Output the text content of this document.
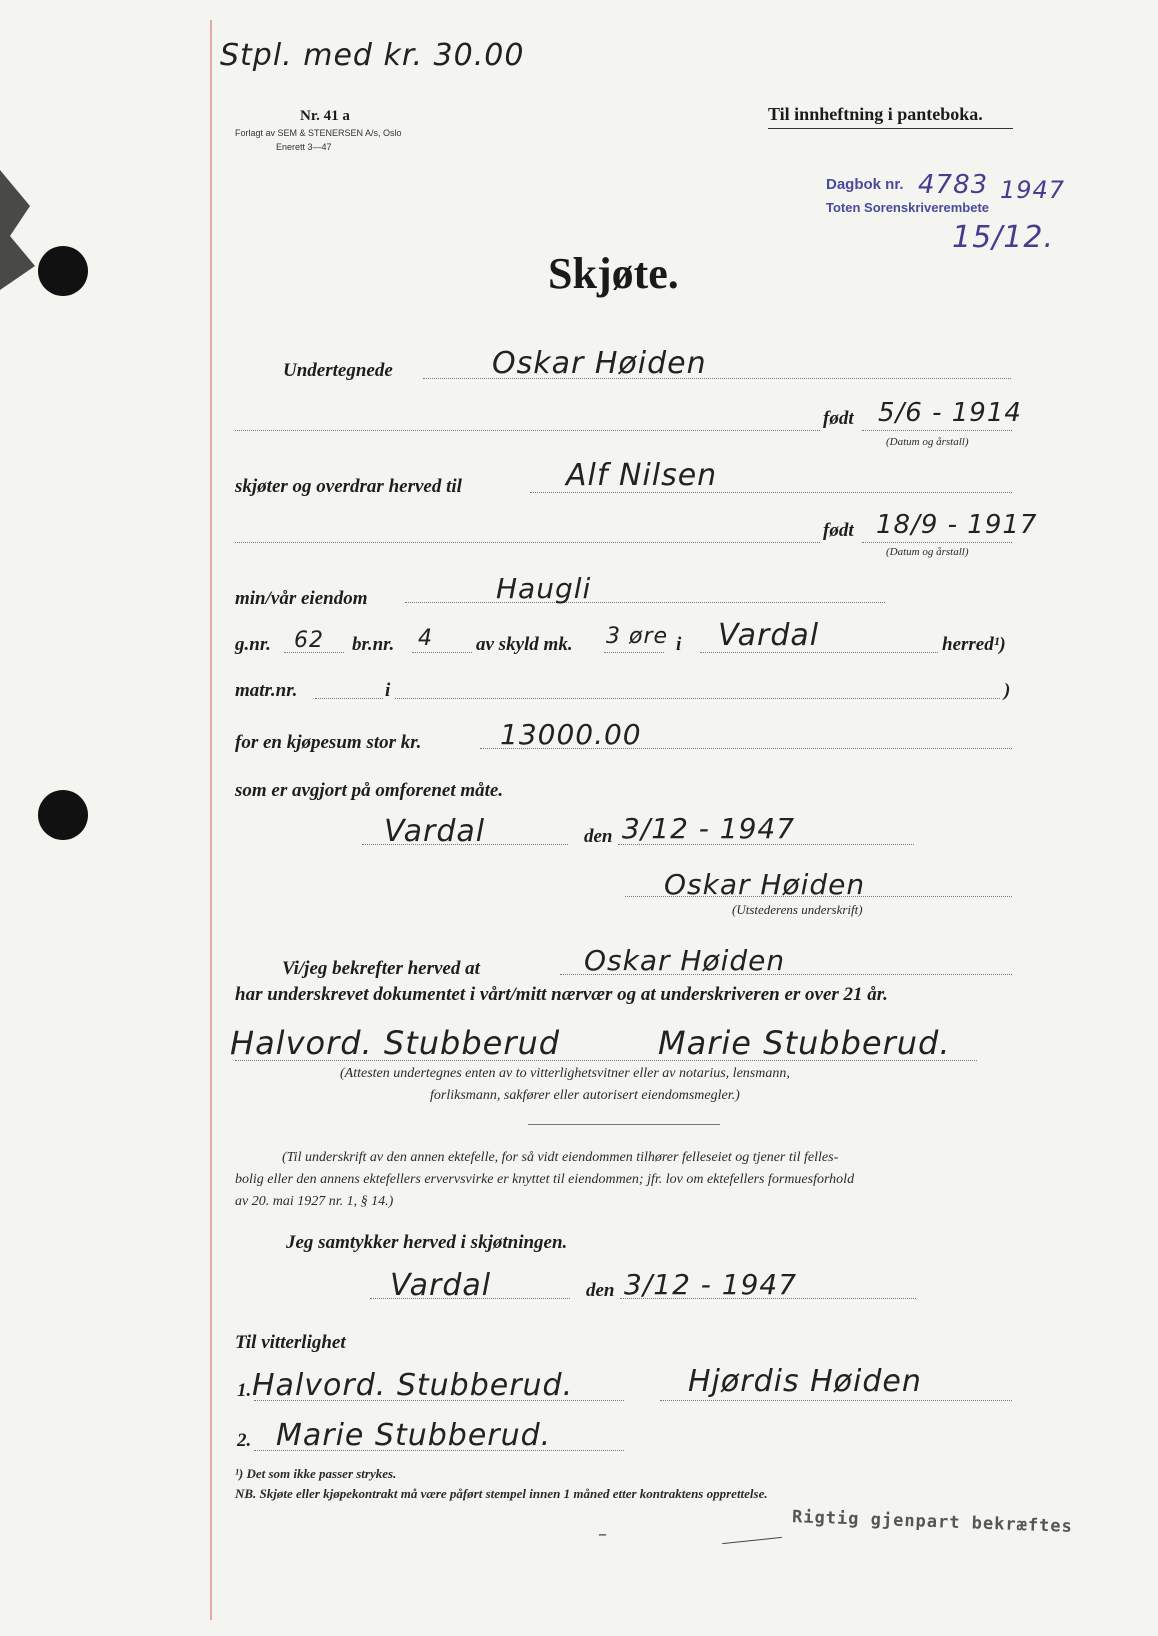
Stpl. med kr. 30.00
Nr. 41 a
Forlagt av SEM & STENERSEN A/s, Oslo
Enerett 3—47
Til innheftning i panteboka.
Dagbok nr. 4783 1947
Toten Sorenskriverembete
15/12.
Skjøte.
Undertegnede	Oskar Høiden
født 5/6 - 1914
(Datum og årstall)
skjøter og overdrar herved til	Alf Nilsen
født 18/9 - 1917
(Datum og årstall)
min/vår eiendom	Haugli
g.nr. 62 br.nr. 4 av skyld mk. 3 øre i Vardal	herred¹)
matr.nr.	i	)
for en kjøpesum stor kr.	13000.00
som er avgjort på omforenet måte.
Vardal	den 3/12 - 1947
Oskar Høiden
(Utstederens underskrift)
Vi/jeg bekrefter herved at	Oskar Høiden
har underskrevet dokumentet i vårt/mitt nærvær og at underskriveren er over 21 år.
Halvord. Stubberud	Marie Stubberud.
(Attesten undertegnes enten av to vitterlighetsvitner eller av notarius, lensmann,
forliksmann, sakfører eller autorisert eiendomsmegler.)
(Til underskrift av den annen ektefelle, for så vidt eiendommen tilhører felleseiet og tjener til felles-
bolig eller den annens ektefellers ervervsvirke er knyttet til eiendommen; jfr. lov om ektefellers formuesforhold
av 20. mai 1927 nr. 1, § 14.)
Jeg samtykker herved i skjøtningen.
Vardal	den 3/12 - 1947
Til vitterlighet
1. Halvord. Stubberud.	Hjørdis Høiden
2. Marie Stubberud.
¹) Det som ikke passer strykes.
NB. Skjøte eller kjøpekontrakt må være påført stempel innen 1 måned etter kontraktens opprettelse.
–	Rigtig gjenpart bekræftes
